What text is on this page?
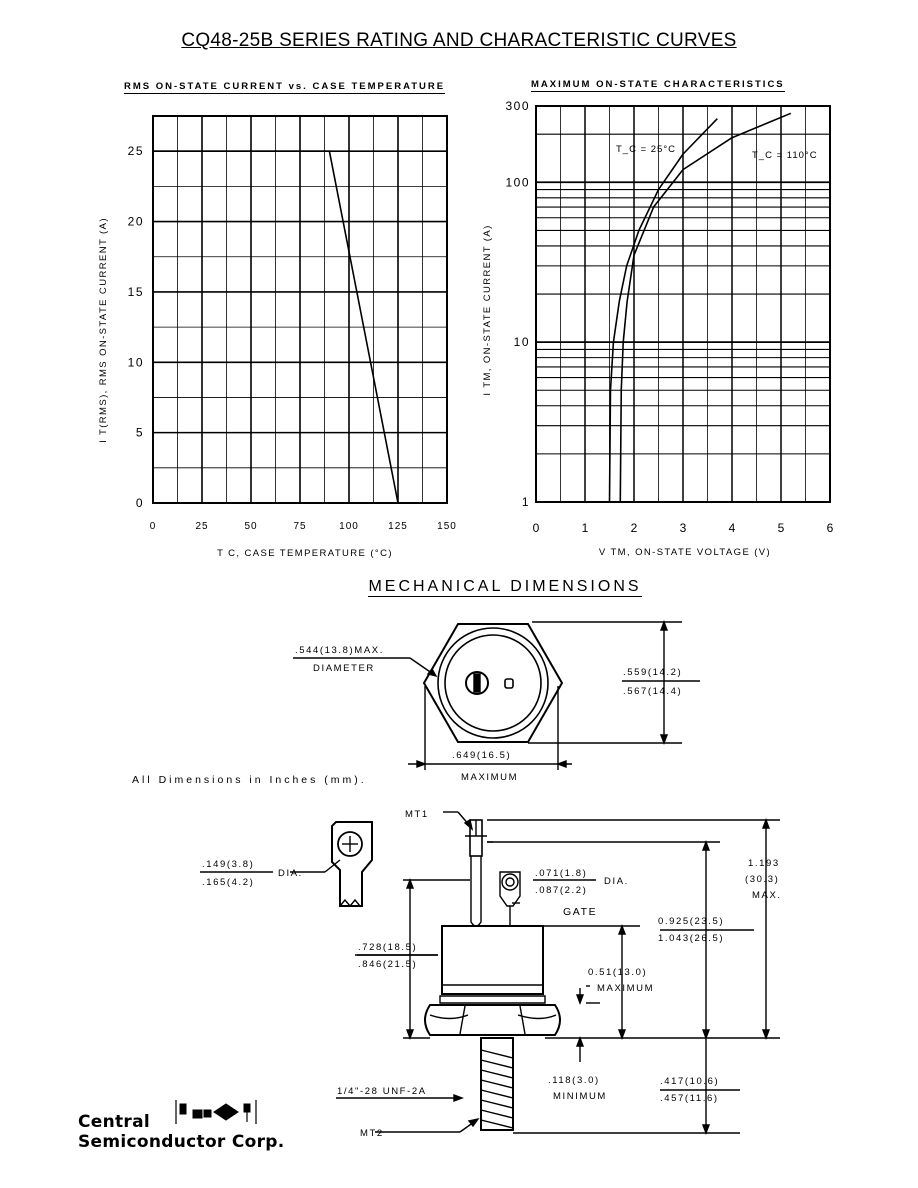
CQ48-25B SERIES RATING AND CHARACTERISTIC CURVES
RMS ON-STATE CURRENT vs. CASE TEMPERATURE	MAXIMUM ON-STATE CHARACTERISTICS
0	25	50	75	100	125	150
0
5
10
15
20
25
T C, CASE TEMPERATURE (°C)
I T(RMS), RMS ON-STATE CURRENT (A)
0	1	2	3	4	5	6
1
10
100
300
T_C = 25°C
T_C = 110°C
V TM, ON-STATE VOLTAGE (V)
I TM, ON-STATE CURRENT (A)
MECHANICAL DIMENSIONS
.544(13.8)MAX.
DIAMETER	.559(14.2)
.567(14.4)
.649(16.5)
MAXIMUM
All Dimensions in Inches (mm).
MT1
MT2
GATE
.149(3.8)
.165(4.2)
DIA.	.071(1.8)
.087(2.2)
DIA.
1.193
(30.3)
MAX.
0.925(23.5)
1.043(26.5)
.728(18.5)
.846(21.5)
0.51(13.0)
MAXIMUM
1/4"-28 UNF-2A
.118(3.0)
MINIMUM
.417(10.6)
.457(11.6)
Central
Semiconductor Corp.
